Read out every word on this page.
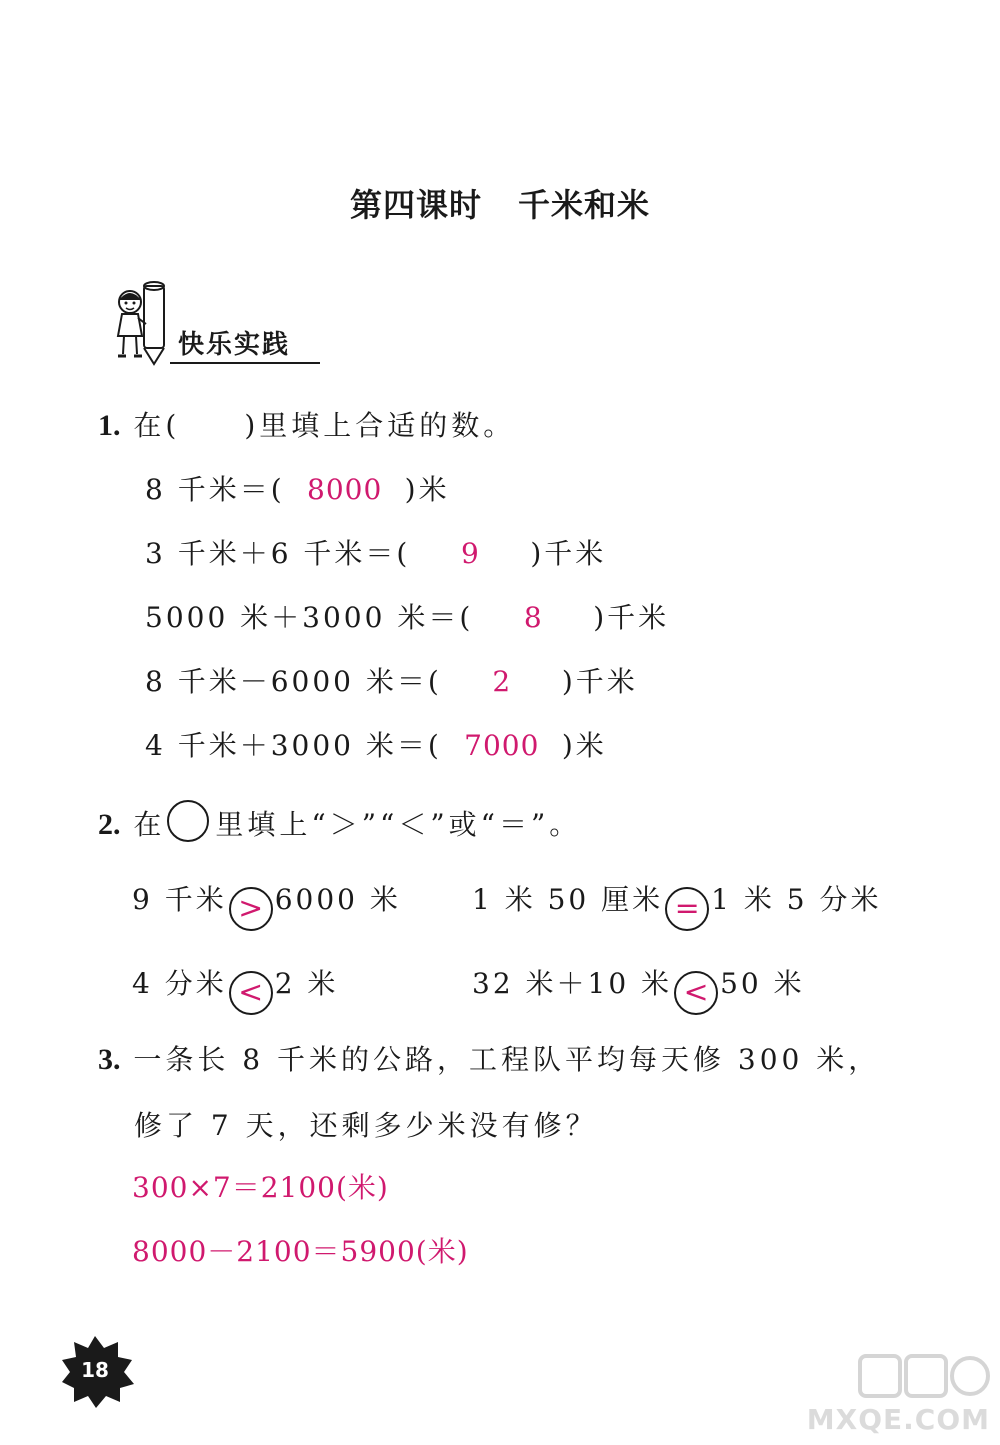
第四课时 千米和米
快乐实践
1. 在(　　)里填上合适的数。
8 千米＝( 8000 )米
3 千米＋6 千米＝( 9 )千米
5000 米＋3000 米＝( 8 )千米
8 千米－6000 米＝( 2 )千米
4 千米＋3000 米＝( 7000 )米
2. 在 里填上“＞”“＜”或“＝”。
9 千米 > 6000 米	1 米 50 厘米 = 1 米 5 分米
4 分米 < 2 米	32 米＋10 米 < 50 米
3. 一条长 8 千米的公路，工程队平均每天修 300 米，
修了 7 天，还剩多少米没有修？
300×7＝2100(米)
8000－2100＝5900(米)
18
MXQE.COM
